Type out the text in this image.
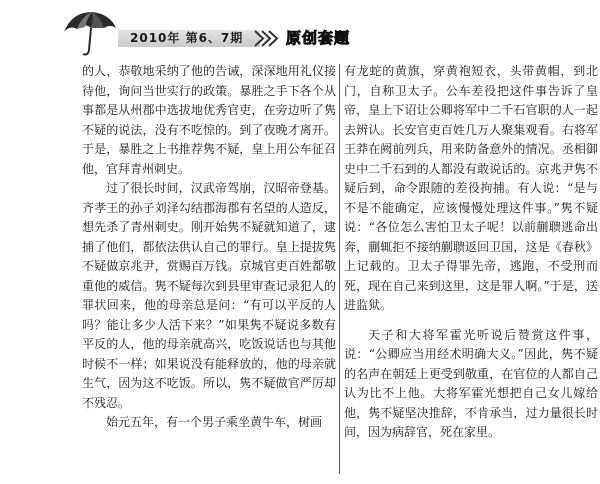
2010年 第6、7期	原创套题

的人，恭敬地采纳了他的告诫，深深地用礼仪接待他，询问当世实行的政策。暴胜之手下各个从事都是从州郡中选拔地优秀官吏，在旁边听了隽不疑的说法，没有不吃惊的。到了夜晚才离开。于是，暴胜之上书推荐隽不疑，皇上用公车征召他，官拜青州刺史。

过了很长时间，汉武帝驾崩，汉昭帝登基。齐孝王的孙子刘泽勾结郡海郡有名望的人造反，想先杀了青州刺史。刚开始隽不疑就知道了，逮捕了他们，都依法供认自己的罪行。皇上提拔隽不疑做京兆尹，赏赐百万钱。京城官吏百姓都敬重他的威信。隽不疑每次到县里审查记录犯人的罪状回来，他的母亲总是问：“有可以平反的人吗？能让多少人活下来？”如果隽不疑说多数有平反的人，他的母亲就高兴，吃饭说话也与其他时候不一样；如果说没有能释放的，他的母亲就生气，因为这不吃饭。所以，隽不疑做官严厉却不残忍。

始元五年，有一个男子乘坐黄牛车，树画

有龙蛇的黄旗，穿黄袍短衣，头带黄帽，到北门，自称卫太子。公车差役把这件事告诉了皇帝，皇上下诏让公卿将军中二千石官职的人一起去辨认。长安官吏百姓几万人聚集观看。右将军王莽在阙前列兵，用来防备意外的情况。丞相御史中二千石到的人都没有敢说话的。京兆尹隽不疑后到，命令跟随的差役拘捕。有人说：“是与不是不能确定，应该慢慢处理这件事。”隽不疑说：“各位怎么害怕卫太子呢！以前蒯聩逃命出奔，蒯辄拒不接纳蒯聩返回卫国，这是《春秋》上记载的。卫太子得罪先帝，逃跑，不受刑而死，现在自己来到这里，这是罪人啊。”于是，送进监狱。

天子和大将军霍光听说后赞赏这件事，说：“公卿应当用经术明确大义。”因此，隽不疑的名声在朝廷上更受到敬重，在官位的人都自己认为比不上他。大将军霍光想把自己女儿嫁给他，隽不疑坚决推辞，不肯承当，过力量很长时间，因为病辞官，死在家里。
